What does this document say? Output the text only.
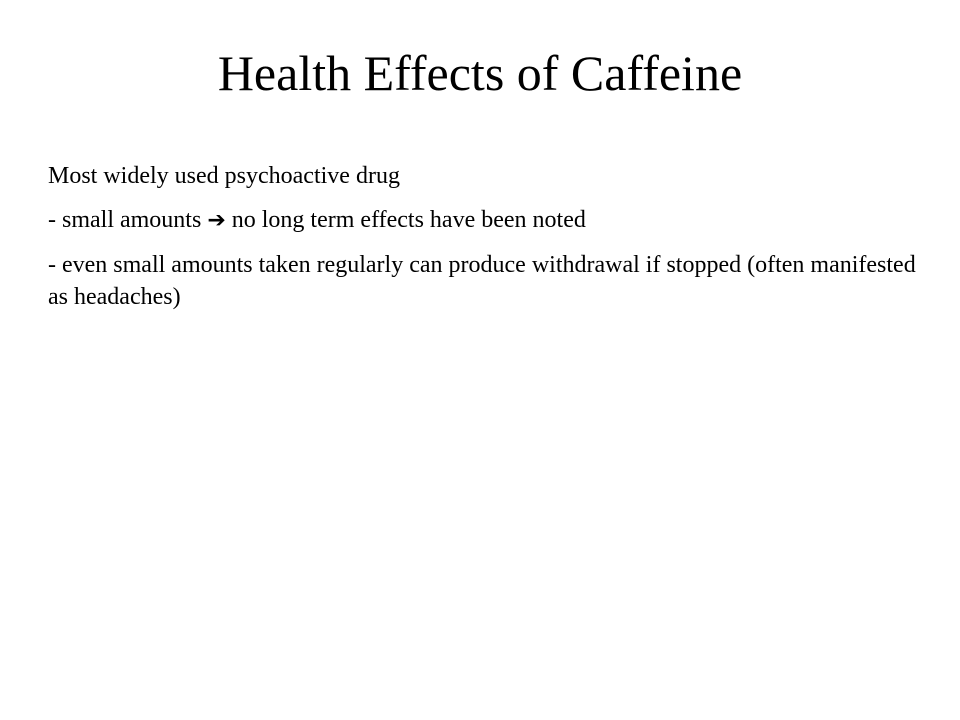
Health Effects of Caffeine

Most widely used psychoactive drug

- small amounts ➔ no long term effects have been noted

- even small amounts taken regularly can produce withdrawal if stopped (often manifested as headaches)
